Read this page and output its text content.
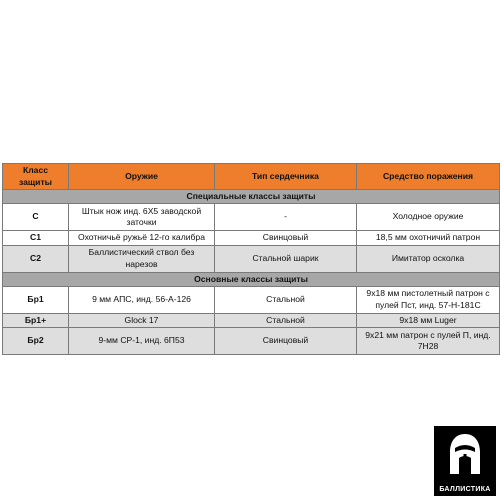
Класс защиты	Оружие	Тип сердечника	Средство поражения
Специальные классы защиты			
С	Штык нож инд. 6Х5 заводской заточки	-	Холодное оружие
С1	Охотничьё ружьё 12-го калибра	Свинцовый	18,5 мм охотничий патрон
С2	Баллистический ствол без нарезов	Стальной шарик	Имитатор осколка
Основные классы защиты			
Бр1	9 мм АПС, инд. 56-А-126	Стальной	9х18 мм пистолетный патрон с пулей Пст, инд. 57-Н-181С
Бр1+	Glock 17	Стальной	9х18 мм Luger
Бр2	9-мм СР-1, инд. 6П53	Свинцовый	9х21 мм патрон с пулей П, инд. 7Н28
БАЛЛИСТИКА
